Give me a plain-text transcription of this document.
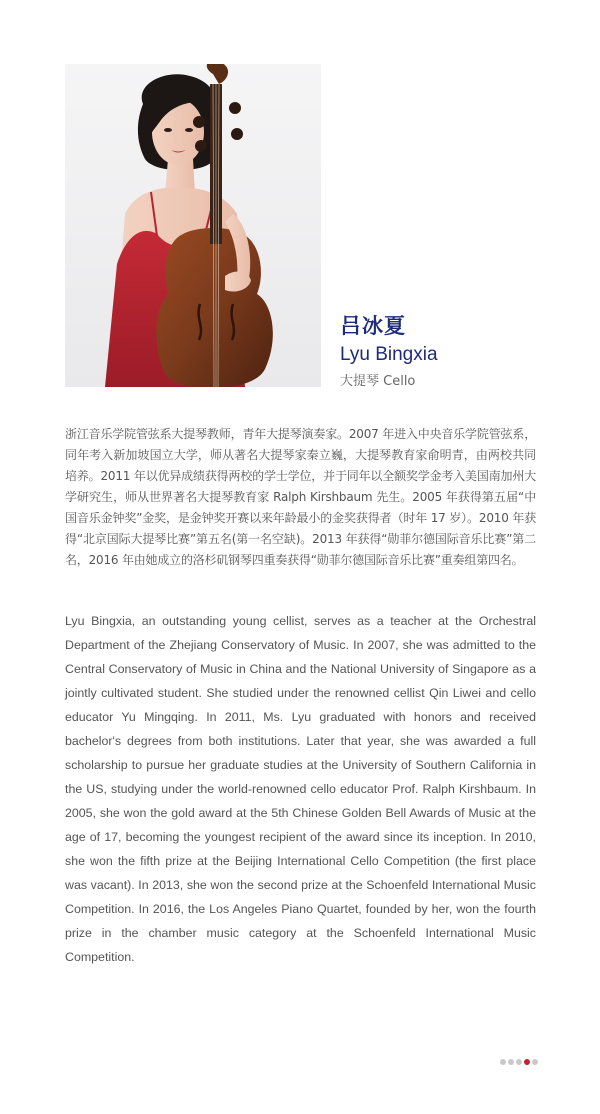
吕冰夏
Lyu Bingxia
大提琴 Cello

浙江音乐学院管弦系大提琴教师，青年大提琴演奏家。2007 年进入中央音乐学院管弦系，同年考入新加坡国立大学，师从著名大提琴家秦立巍，大提琴教育家俞明青，由两校共同培养。2011 年以优异成绩获得两校的学士学位，并于同年以全额奖学金考入美国南加州大学研究生，师从世界著名大提琴教育家 Ralph Kirshbaum 先生。2005 年获得第五届“中国音乐金钟奖”金奖，是金钟奖开赛以来年龄最小的金奖获得者（时年 17 岁）。2010 年获得“北京国际大提琴比赛”第五名(第一名空缺)。2013 年获得“勋菲尔德国际音乐比赛”第二名，2016 年由她成立的洛杉矶钢琴四重奏获得“勋菲尔德国际音乐比赛”重奏组第四名。

Lyu Bingxia, an outstanding young cellist, serves as a teacher at the Orchestral Department of the Zhejiang Conservatory of Music. In 2007, she was admitted to the Central Conservatory of Music in China and the National University of Singapore as a jointly cultivated student. She studied under the renowned cellist Qin Liwei and cello educator Yu Mingqing. In 2011, Ms. Lyu graduated with honors and received bachelor's degrees from both institutions. Later that year, she was awarded a full scholarship to pursue her graduate studies at the University of Southern California in the US, studying under the world-renowned cello educator Prof. Ralph Kirshbaum. In 2005, she won the gold award at the 5th Chinese Golden Bell Awards of Music at the age of 17, becoming the youngest recipient of the award since its inception. In 2010, she won the fifth prize at the Beijing International Cello Competition (the first place was vacant). In 2013, she won the second prize at the Schoenfeld International Music Competition. In 2016, the Los Angeles Piano Quartet, founded by her, won the fourth prize in the chamber music category at the Schoenfeld International Music Competition.
